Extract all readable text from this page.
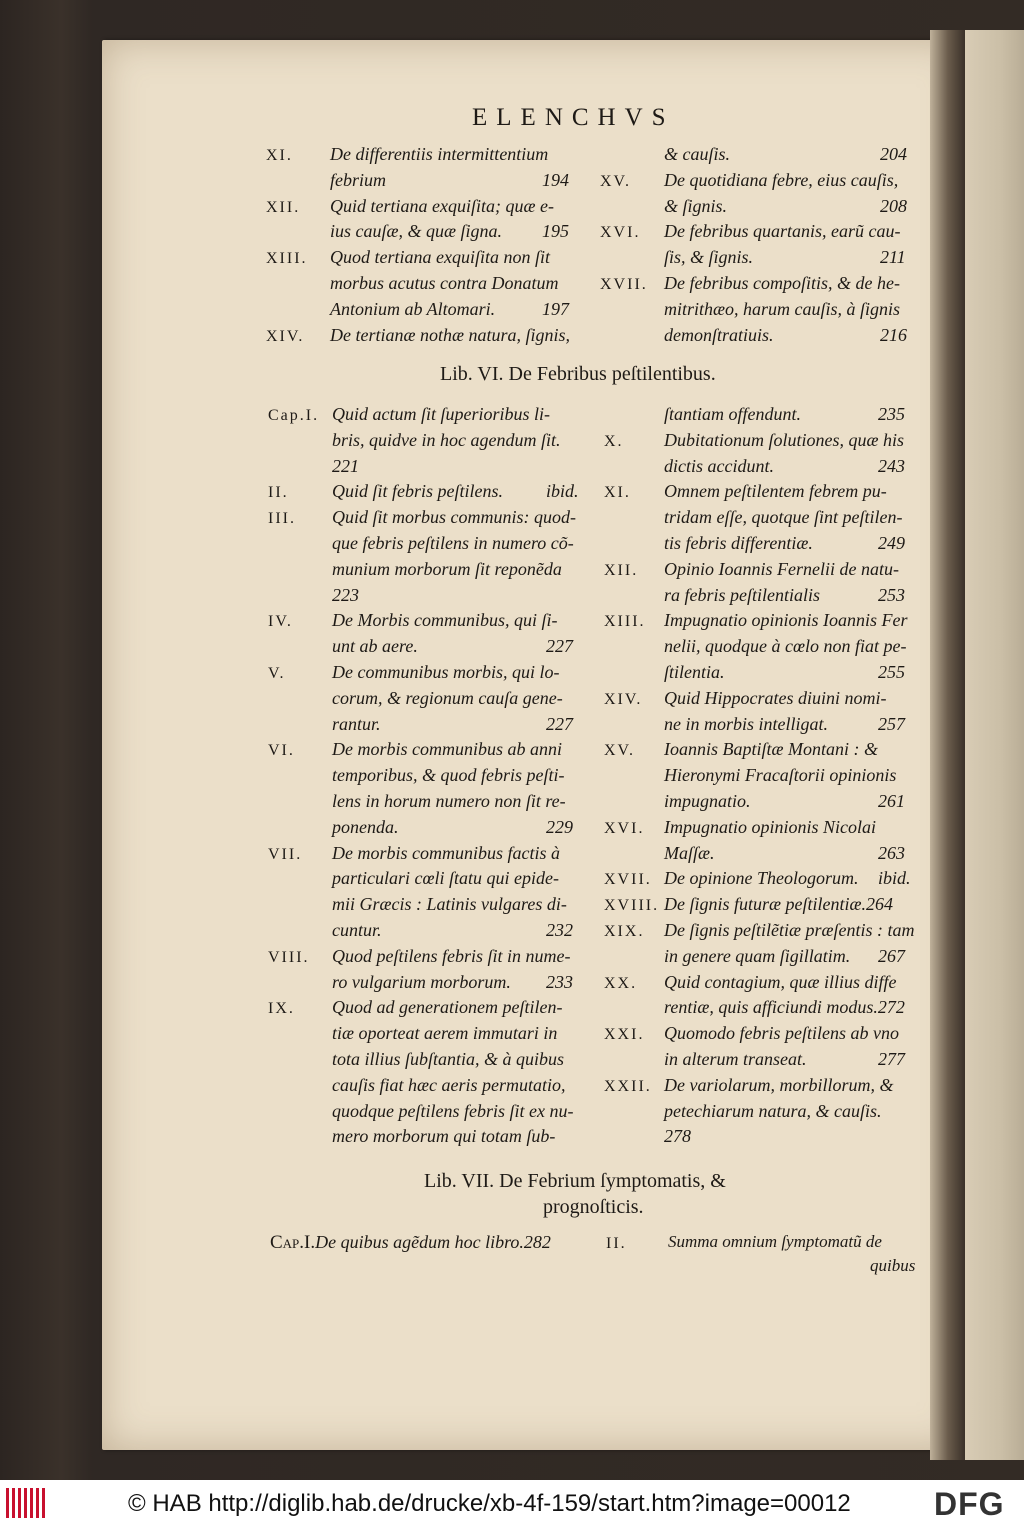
ELENCHVS
XI. De differentiis intermittentium
febrium	194
XII. Quid tertiana exquiſita; quæ e-
ius cauſæ, & quæ ſigna. 195
XIII. Quod tertiana exquiſita non ſit
morbus acutus contra Donatum
Antonium ab Altomari.	197
XIV. De tertianæ nothæ natura, ſignis,
& cauſis.	204
XV. De quotidiana febre, eius cauſis,
& ſignis.	208
XVI. De febribus quartanis, earũ cau-
ſis, & ſignis.	211
XVII. De febribus compoſitis, & de he-
mitrithæo, harum cauſis, à ſignis
demonſtratiuis.	216
Cap.I. Quid actum ſit ſuperioribus li-
bris, quidve in hoc agendum ſit.
221
II. Quid ſit febris peſtilens. ibid.
III. Quid ſit morbus communis: quod-
que febris peſtilens in numero cõ-
munium morborum ſit reponẽda
223
IV. De Morbis communibus, qui ſi-
unt ab aere.	227
V.	De communibus morbis, qui lo-
corum, & regionum cauſa gene-
rantur.	227
VI. De morbis communibus ab anni
temporibus, & quod febris peſti-
lens in horum numero non ſit re-
ponenda.	229
VII. De morbis communibus factis à
particulari cœli ſtatu qui epide-
mii Græcis : Latinis vulgares di-
cuntur.	232
VIII. Quod peſtilens febris ſit in nume-
ro vulgarium morborum. 233
IX. Quod ad generationem peſtilen-
tiæ oporteat aerem immutari in
tota illius ſubſtantia, & à quibus
cauſis fiat hæc aeris permutatio,
quodque peſtilens febris ſit ex nu-
mero morborum qui totam ſub-
ſtantiam offendunt.	235
X. Dubitationum ſolutiones, quæ his
dictis accidunt.	243
XI. Omnem peſtilentem febrem pu-
tridam eſſe, quotque ſint peſtilen-
tis febris differentiæ.	249
XII. Opinio Ioannis Fernelii de natu-
ra febris peſtilentialis	253
XIII. Impugnatio opinionis Ioannis Fer
nelii, quodque à cœlo non fiat pe-
ſtilentia.	255
XIV. Quid Hippocrates diuini nomi-
ne in morbis intelligat.	257
XV. Ioannis Baptiſtæ Montani : &
Hieronymi Fracaſtorii opinionis
impugnatio.	261
XVI. Impugnatio opinionis Nicolai
Maſſæ.	263
XVII. De opinione Theologorum. ibid.
XVIII. De ſignis futuræ peſtilentiæ.264
XIX. De ſignis peſtilẽtiæ præſentis : tam
in genere quam ſigillatim. 267
XX. Quid contagium, quæ illius diffe
rentiæ, quis afficiundi modus.272
XXI. Quomodo febris peſtilens ab vno
in alterum transeat.	277
XXII. De variolarum, morbillorum, &
petechiarum natura, & cauſis.
278
Lib. VI. De Febribus peſtilentibus.
Lib. VII. De Febrium ſymptomatis, &
prognoſticis.
Cap.I.De quibus agẽdum hoc libro.282	II. Summa omnium ſymptomatũ de
quibus
© HAB http://diglib.hab.de/drucke/xb-4f-159/start.htm?image=00012	DFG
